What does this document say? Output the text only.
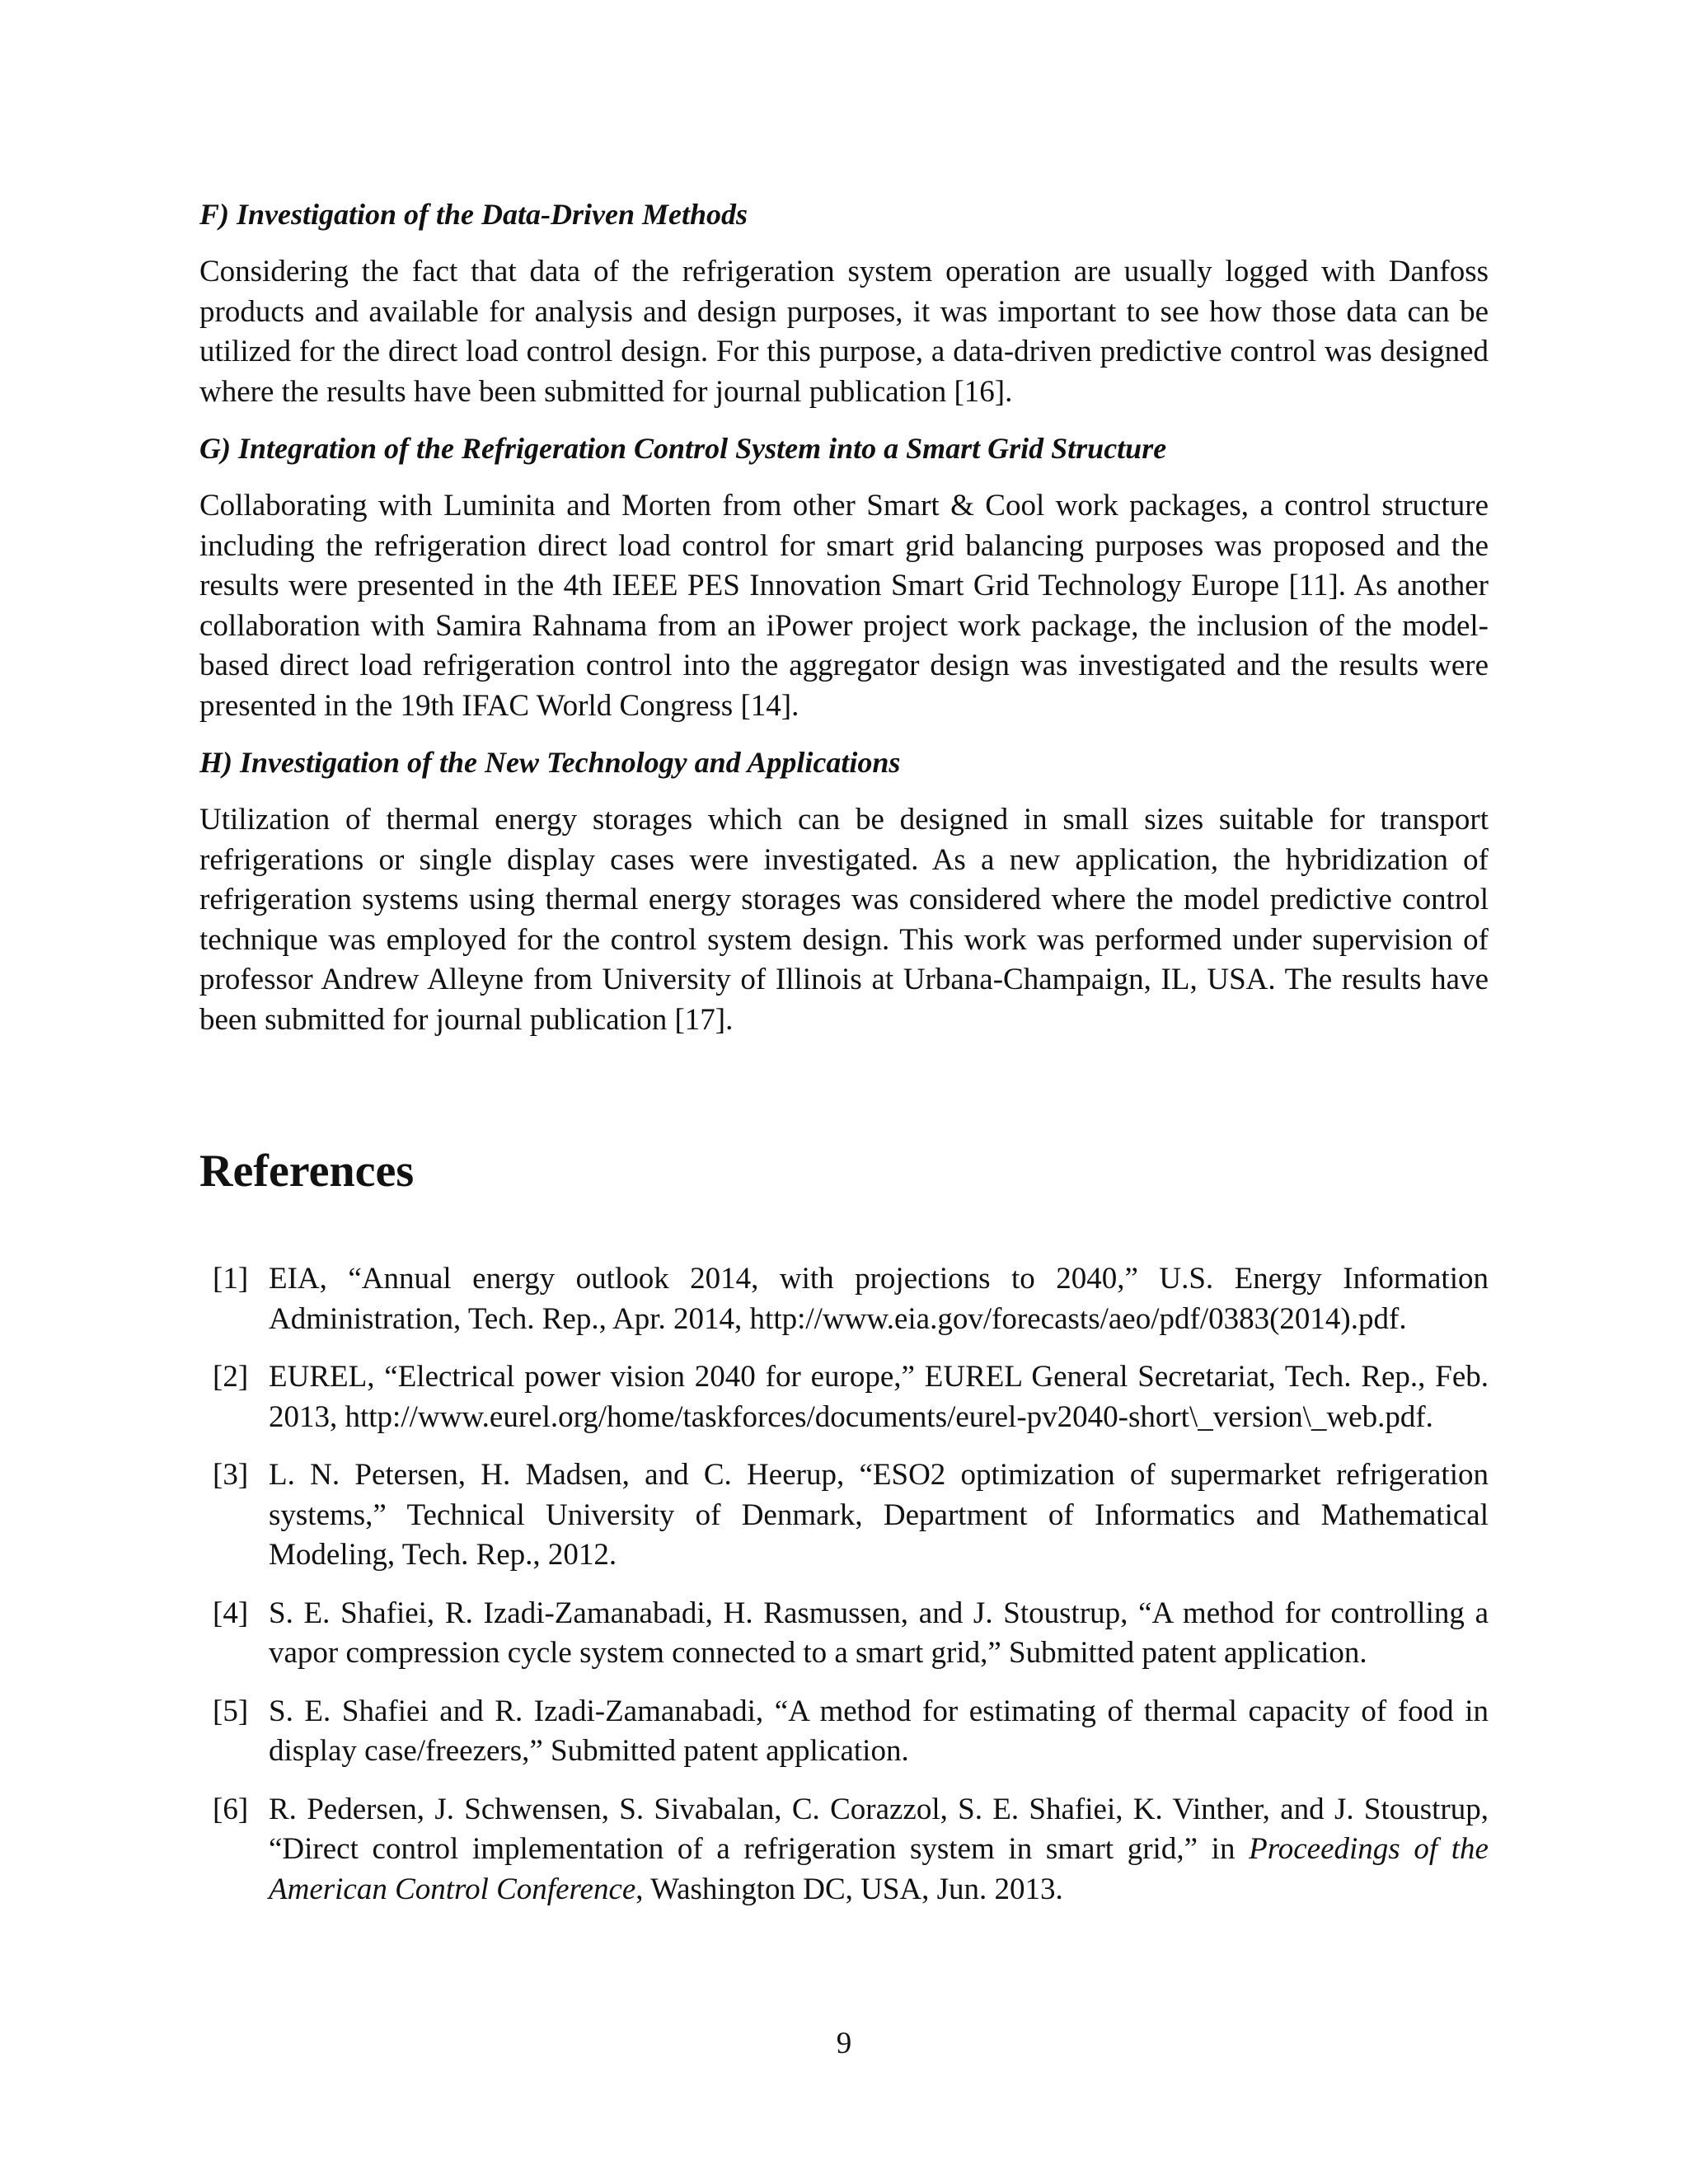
F) Investigation of the Data-Driven Methods

Considering the fact that data of the refrigeration system operation are usually logged with Danfoss products and available for analysis and design purposes, it was important to see how those data can be utilized for the direct load control design. For this purpose, a data-driven predictive control was designed where the results have been submitted for journal publication [16].

G) Integration of the Refrigeration Control System into a Smart Grid Structure

Collaborating with Luminita and Morten from other Smart & Cool work packages, a control structure including the refrigeration direct load control for smart grid balancing purposes was proposed and the results were presented in the 4th IEEE PES Innovation Smart Grid Technology Europe [11]. As another collaboration with Samira Rahnama from an iPower project work package, the inclusion of the model-based direct load refrigeration control into the aggregator design was investigated and the results were presented in the 19th IFAC World Congress [14].

H) Investigation of the New Technology and Applications

Utilization of thermal energy storages which can be designed in small sizes suitable for transport refrigerations or single display cases were investigated. As a new application, the hybridization of refrigeration systems using thermal energy storages was considered where the model predictive control technique was employed for the control system design. This work was performed under supervision of professor Andrew Alleyne from University of Illinois at Urbana-Champaign, IL, USA. The results have been submitted for journal publication [17].

References
[1] EIA, “Annual energy outlook 2014, with projections to 2040,” U.S. Energy Information Administration, Tech. Rep., Apr. 2014, http://www.eia.gov/forecasts/aeo/pdf/0383(2014).pdf.
[2] EUREL, “Electrical power vision 2040 for europe,” EUREL General Secretariat, Tech. Rep., Feb. 2013, http://www.eurel.org/home/taskforces/documents/eurel-pv2040-short\_version\_web.pdf.
[3] L. N. Petersen, H. Madsen, and C. Heerup, “ESO2 optimization of supermarket refrigeration systems,” Technical University of Denmark, Department of Informatics and Mathematical Modeling, Tech. Rep., 2012.
[4] S. E. Shafiei, R. Izadi-Zamanabadi, H. Rasmussen, and J. Stoustrup, “A method for controlling a vapor compression cycle system connected to a smart grid,” Submitted patent application.
[5] S. E. Shafiei and R. Izadi-Zamanabadi, “A method for estimating of thermal capacity of food in display case/freezers,” Submitted patent application.
[6] R. Pedersen, J. Schwensen, S. Sivabalan, C. Corazzol, S. E. Shafiei, K. Vinther, and J. Stoustrup, “Direct control implementation of a refrigeration system in smart grid,” in Proceedings of the American Control Conference, Washington DC, USA, Jun. 2013.
9
